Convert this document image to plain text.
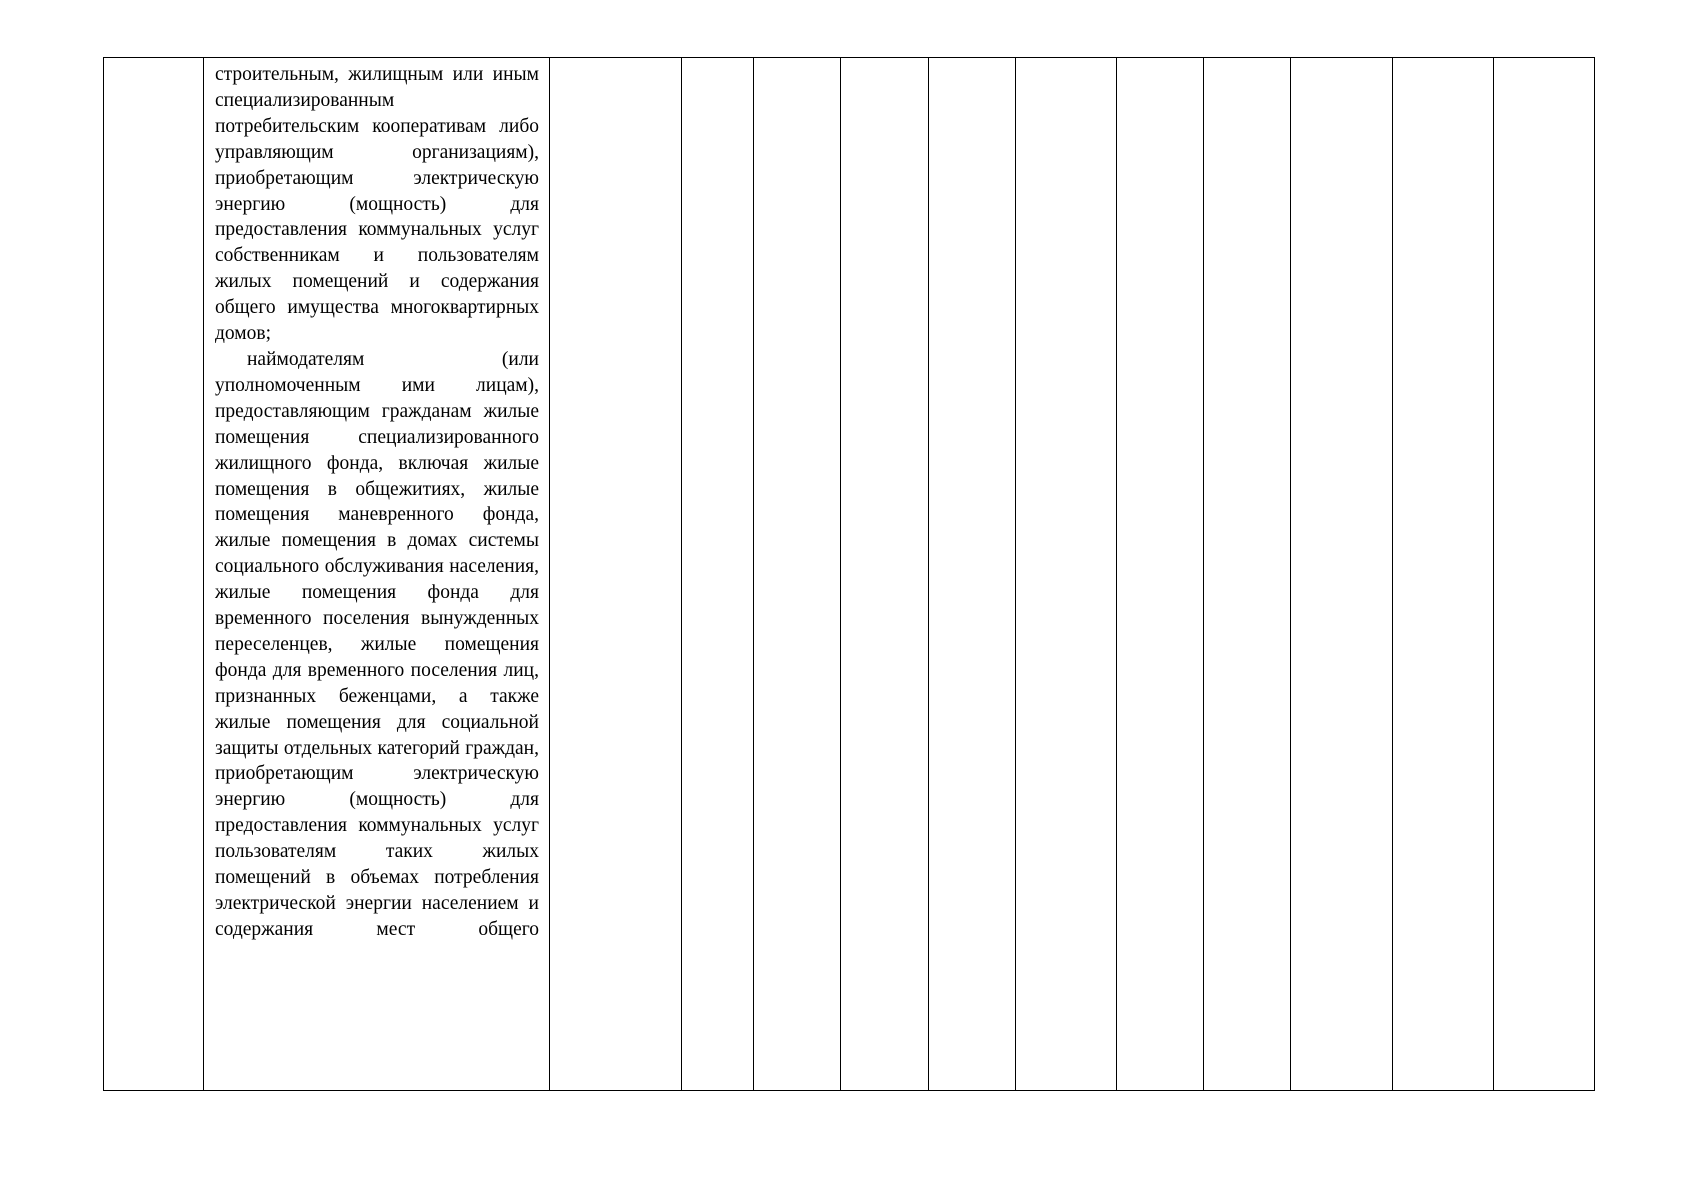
строительным, жилищным или иным специализированным потребительским кооперативам либо управляющим организациям), приобретающим электрическую энергию (мощность) для предоставления коммунальных услуг собственникам и пользователям жилых помещений и содержания общего имущества многоквартирных домов;
наймодателям (или уполномоченным ими лицам), предоставляющим гражданам жилые помещения специализированного жилищного фонда, включая жилые помещения в общежитиях, жилые помещения маневренного фонда, жилые помещения в домах системы социального обслуживания населения, жилые помещения фонда для временного поселения вынужденных переселенцев, жилые помещения фонда для временного поселения лиц, признанных беженцами, а также жилые помещения для социальной защиты отдельных категорий граждан, приобретающим электрическую энергию (мощность) для предоставления коммунальных услуг пользователям таких жилых помещений в объемах потребления электрической энергии населением и содержания мест общего
